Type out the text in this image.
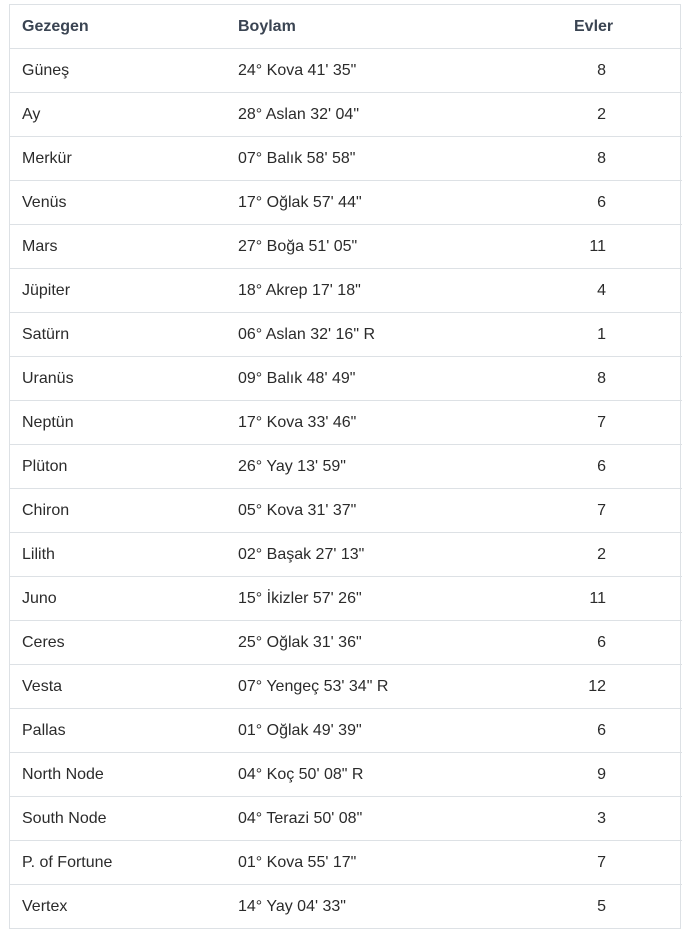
Gezegen	Boylam	Evler
Güneş	24° Kova 41' 35"	8
Ay	28° Aslan 32' 04"	2
Merkür	07° Balık 58' 58"	8
Venüs	17° Oğlak 57' 44"	6
Mars	27° Boğa 51' 05"	11
Jüpiter	18° Akrep 17' 18"	4
Satürn	06° Aslan 32' 16" R	1
Uranüs	09° Balık 48' 49"	8
Neptün	17° Kova 33' 46"	7
Plüton	26° Yay 13' 59"	6
Chiron	05° Kova 31' 37"	7
Lilith	02° Başak 27' 13"	2
Juno	15° İkizler 57' 26"	11
Ceres	25° Oğlak 31' 36"	6
Vesta	07° Yengeç 53' 34" R	12
Pallas	01° Oğlak 49' 39"	6
North Node	04° Koç 50' 08" R	9
South Node	04° Terazi 50' 08"	3
P. of Fortune	01° Kova 55' 17"	7
Vertex	14° Yay 04' 33"	5
